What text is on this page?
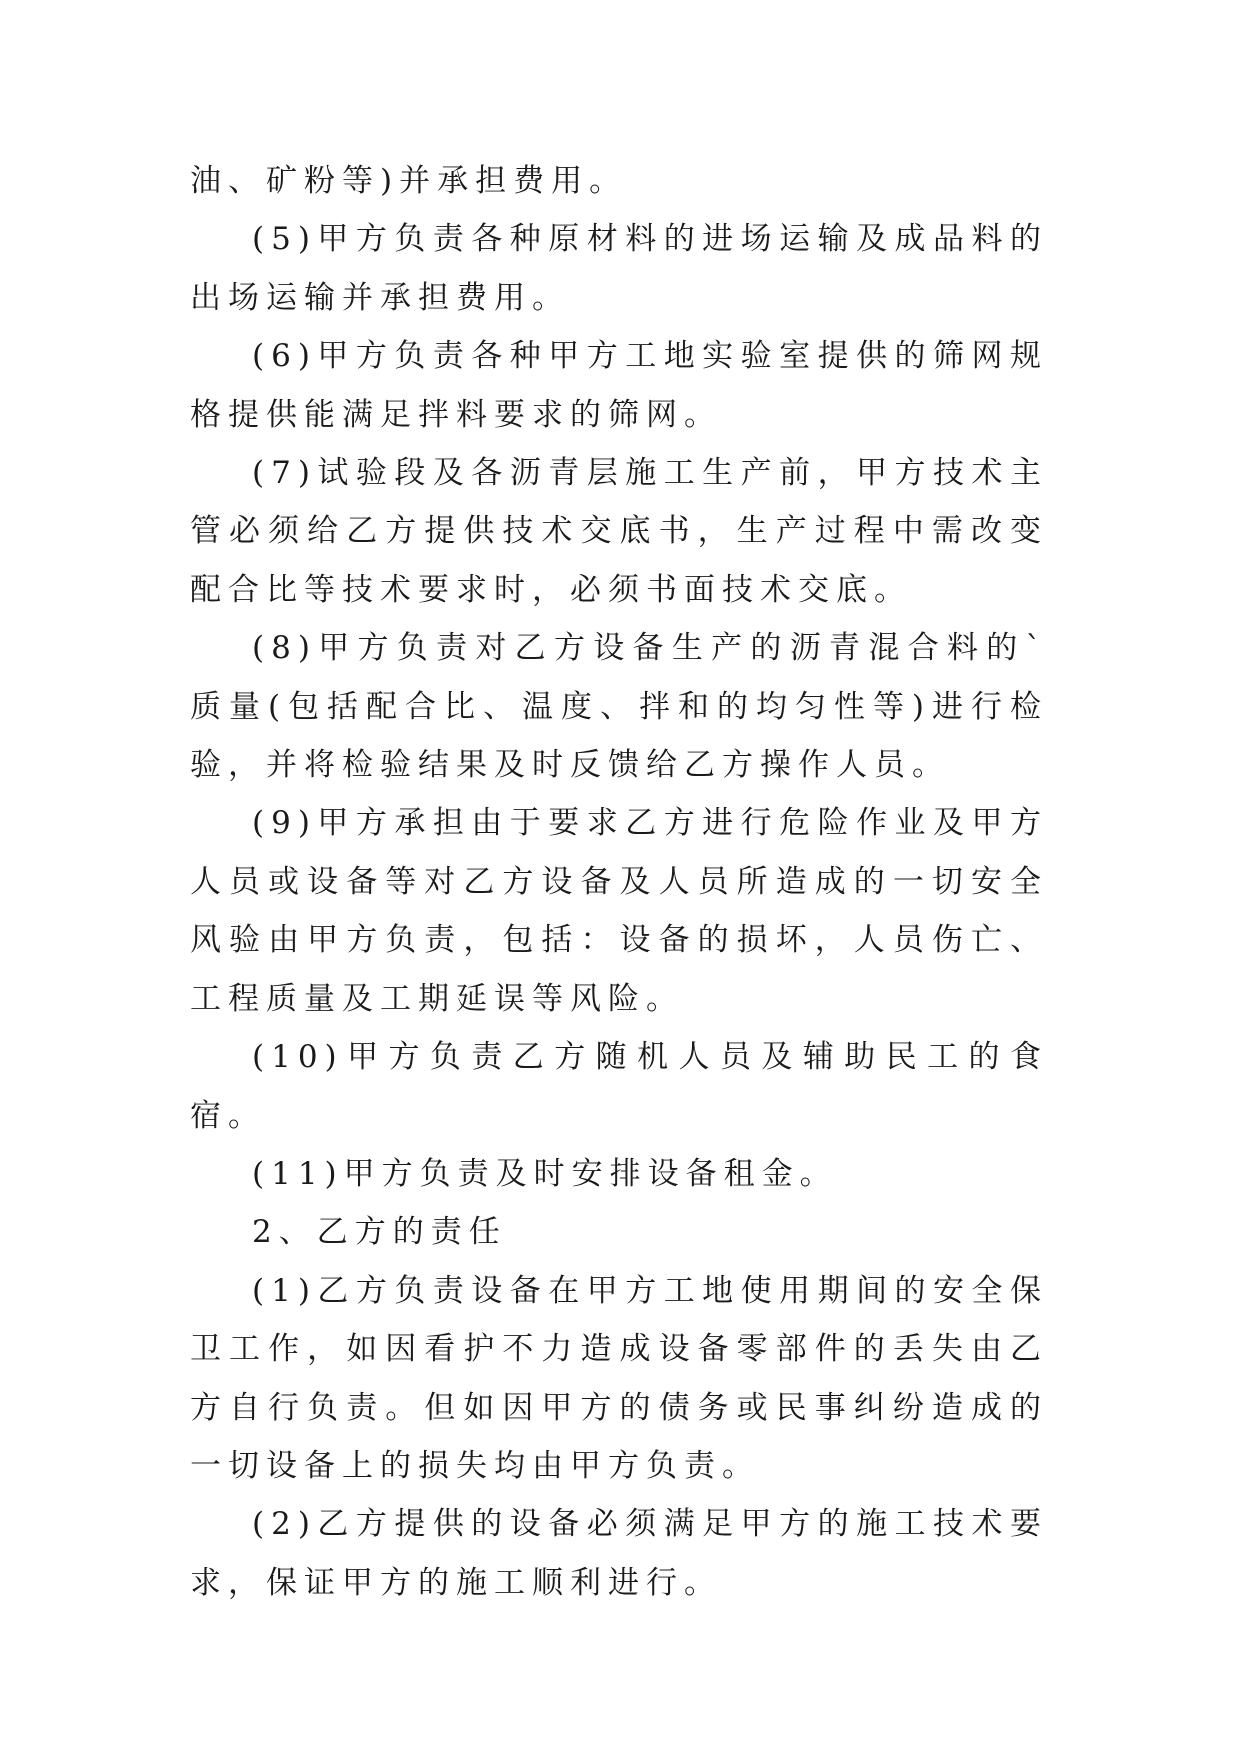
油、矿粉等)并承担费用。

(5)甲方负责各种原材料的进场运输及成品料的出场运输并承担费用。

(6)甲方负责各种甲方工地实验室提供的筛网规格提供能满足拌料要求的筛网。

(7)试验段及各沥青层施工生产前，甲方技术主管必须给乙方提供技术交底书，生产过程中需改变配合比等技术要求时，必须书面技术交底。

(8)甲方负责对乙方设备生产的沥青混合料的`质量(包括配合比、温度、拌和的均匀性等)进行检验，并将检验结果及时反馈给乙方操作人员。

(9)甲方承担由于要求乙方进行危险作业及甲方人员或设备等对乙方设备及人员所造成的一切安全风验由甲方负责，包括：设备的损坏，人员伤亡、工程质量及工期延误等风险。

(10)甲方负责乙方随机人员及辅助民工的食宿。

(11)甲方负责及时安排设备租金。

2、乙方的责任

(1)乙方负责设备在甲方工地使用期间的安全保卫工作，如因看护不力造成设备零部件的丢失由乙方自行负责。但如因甲方的债务或民事纠纷造成的一切设备上的损失均由甲方负责。

(2)乙方提供的设备必须满足甲方的施工技术要求，保证甲方的施工顺利进行。
